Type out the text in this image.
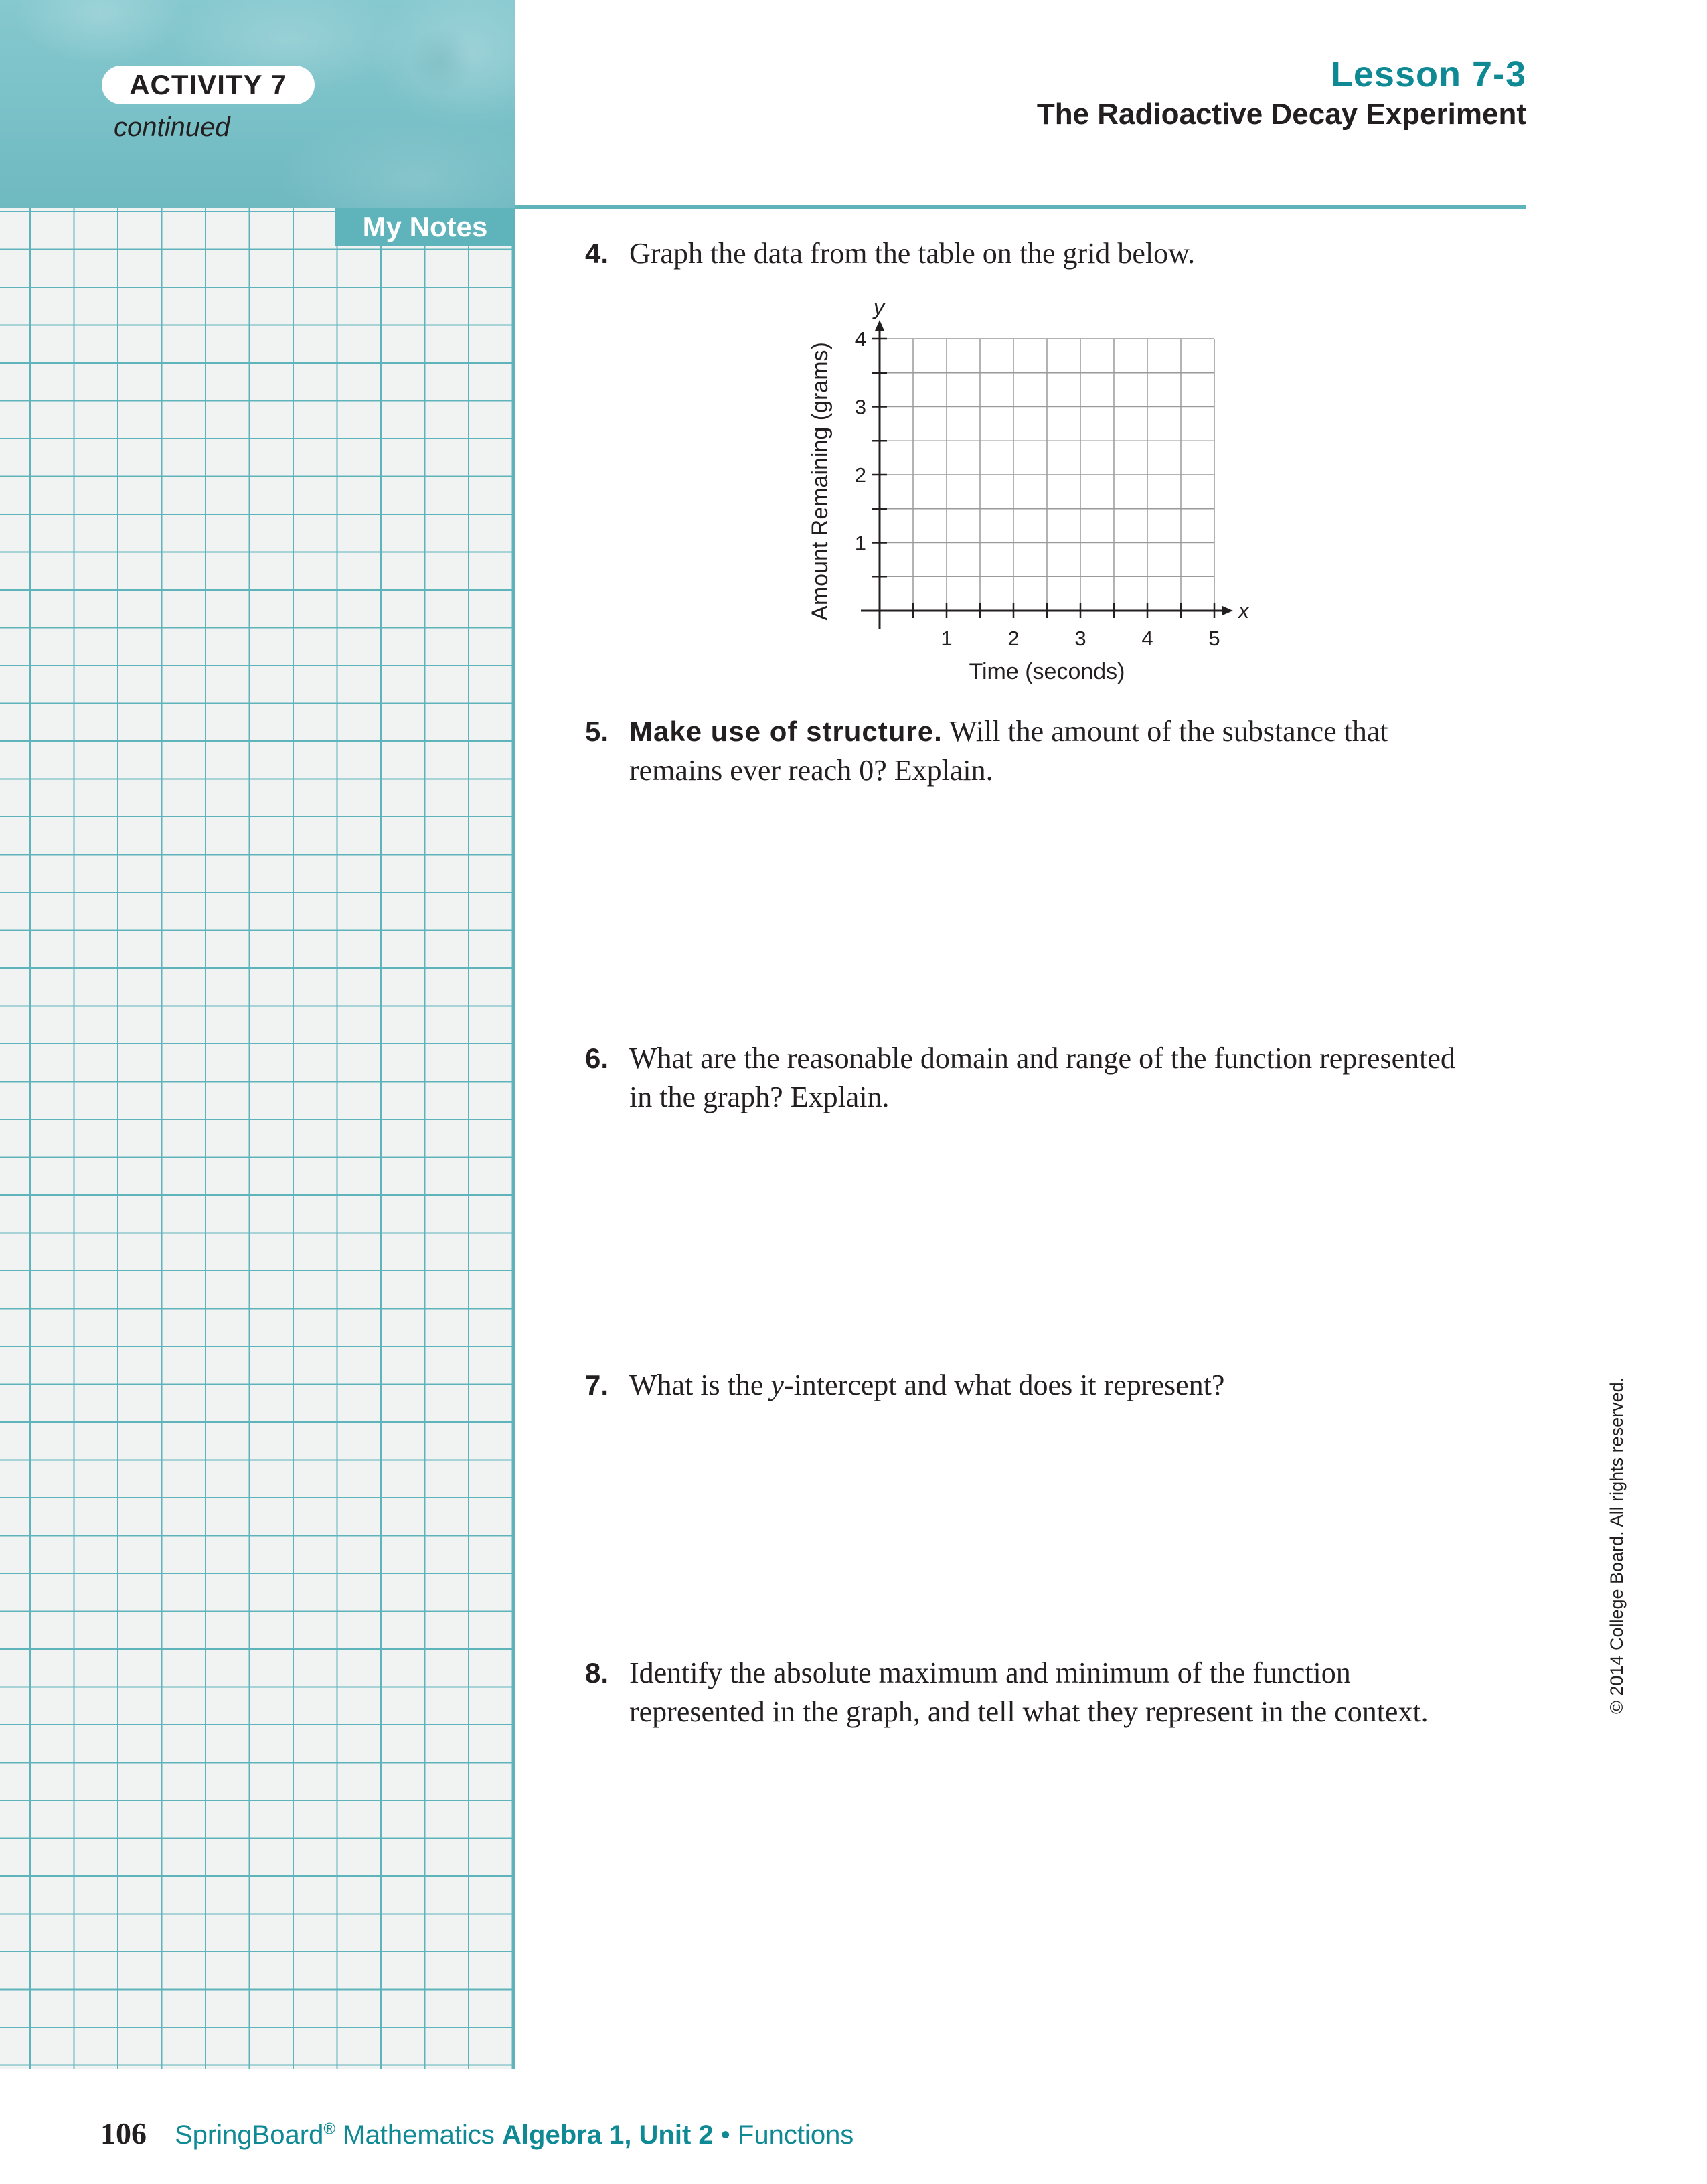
ACTIVITY 7
continued
My Notes
Lesson 7-3
The Radioactive Decay Experiment
4. Graph the data from the table on the grid below.
1	2	3	4	5
1
2
3
4
x
y
Time (seconds)
Amount Remaining (grams)
5. Make use of structure. Will the amount of the substance that
remains ever reach 0? Explain.
6. What are the reasonable domain and range of the function represented
in the graph? Explain.
7. What is the y-intercept and what does it represent?
8. Identify the absolute maximum and minimum of the function
represented in the graph, and tell what they represent in the context.	© 2014 College Board. All rights reserved.
106 SpringBoard® Mathematics Algebra 1, Unit 2 • Functions
